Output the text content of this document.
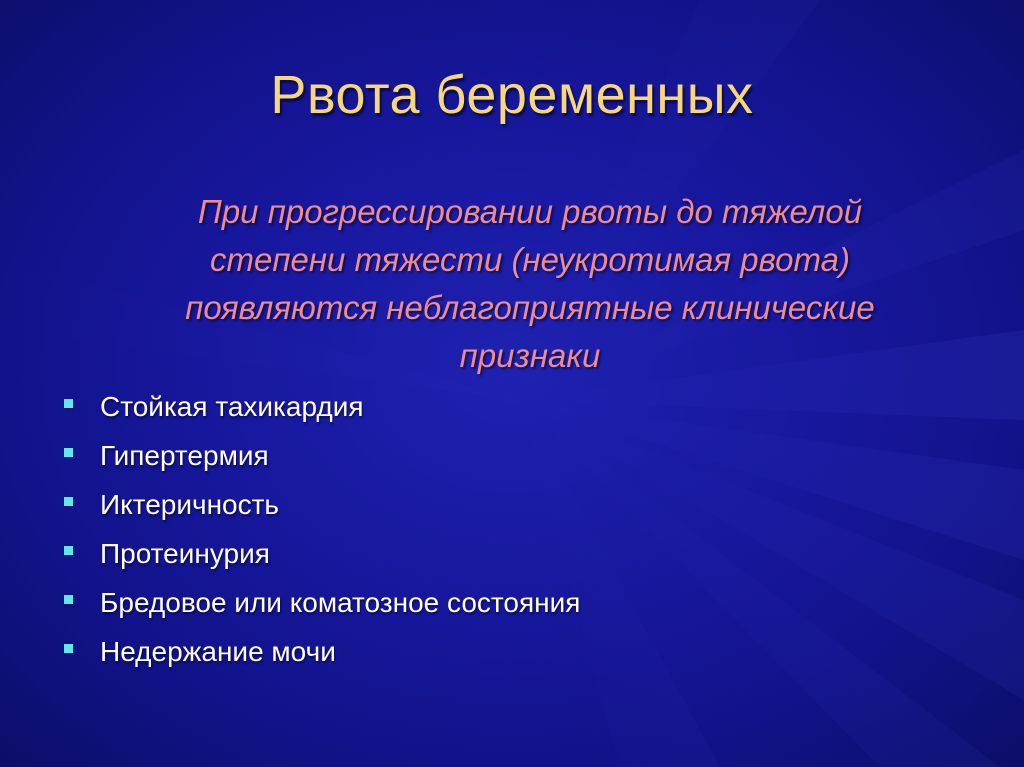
Рвота беременных
При прогрессировании рвоты до тяжелой
степени тяжести (неукротимая рвота)
появляются неблагоприятные клинические
признаки
Стойкая тахикардия
Гипертермия
Иктеричность
Протеинурия
Бредовое или коматозное состояния
Недержание мочи
